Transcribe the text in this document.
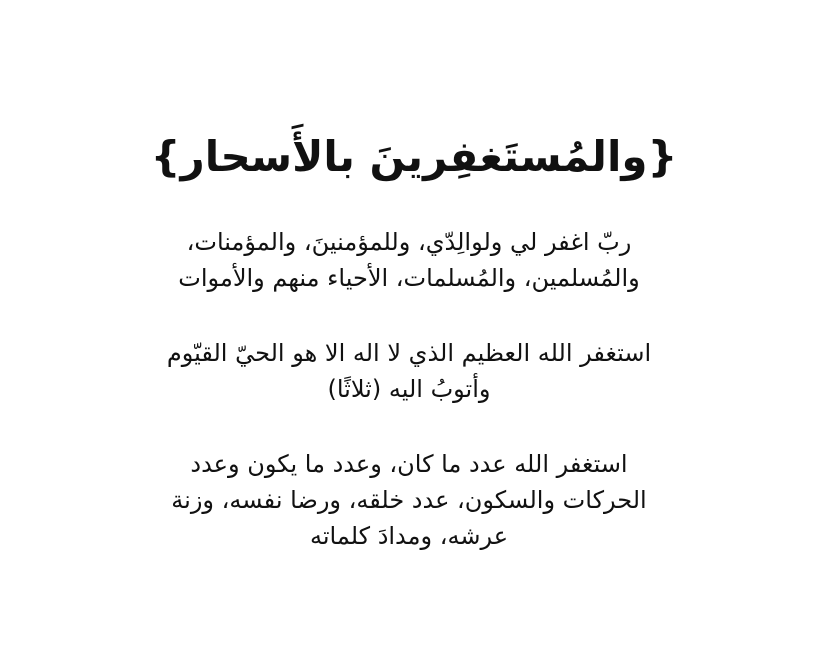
{والمُستَغفِرينَ بالأَسحار}
ربّ اغفر لي ولوالِدّي، وللمؤمنينَ، والمؤمنات،
والمُسلمين، والمُسلمات، الأحياء منهم والأموات
استغفر الله العظيم الذي لا اله الا هو الحيّ القيّوم
وأتوبُ اليه (ثلاثًا)
استغفر الله عدد ما كان، وعدد ما يكون وعدد
الحركات والسكون، عدد خلقه، ورضا نفسه، وزنة
عرشه، ومدادَ كلماته
